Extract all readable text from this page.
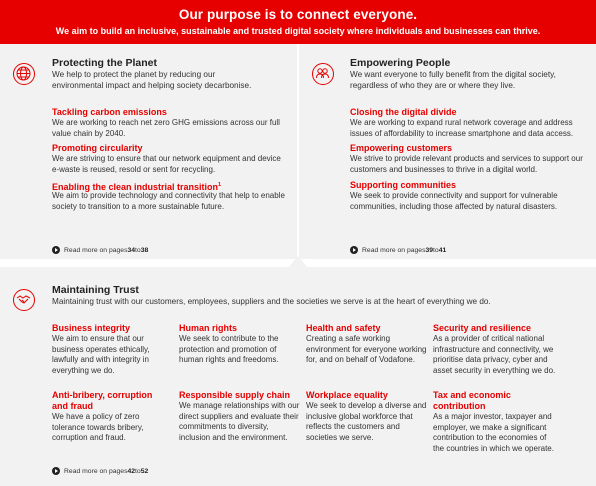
Our purpose is to connect everyone.
We aim to build an inclusive, sustainable and trusted digital society where individuals and businesses can thrive.
Protecting the Planet
We help to protect the planet by reducing our environmental impact and helping society decarbonise.
Tackling carbon emissions
We are working to reach net zero GHG emissions across our full value chain by 2040.
Promoting circularity
We are striving to ensure that our network equipment and device e-waste is reused, resold or sent for recycling.
Enabling the clean industrial transition$^1$
We aim to provide technology and connectivity that help to enable society to transition to a more sustainable future.
Read more on pages 34 to 38
Empowering People
We want everyone to fully benefit from the digital society, regardless of who they are or where they live.
Closing the digital divide
We are working to expand rural network coverage and address issues of affordability to increase smartphone and data access.
Empowering customers
We strive to provide relevant products and services to support our customers and businesses to thrive in a digital world.
Supporting communities
We seek to provide connectivity and support for vulnerable communities, including those affected by natural disasters.
Read more on pages 39 to 41
Maintaining Trust
Maintaining trust with our customers, employees, suppliers and the societies we serve is at the heart of everything we do.
Business integrity
We aim to ensure that our business operates ethically, lawfully and with integrity in everything we do.
Human rights
We seek to contribute to the protection and promotion of human rights and freedoms.
Health and safety
Creating a safe working environment for everyone working for, and on behalf of Vodafone.
Security and resilience
As a provider of critical national infrastructure and connectivity, we prioritise data privacy, cyber and asset security in everything we do.
Anti-bribery, corruption and fraud
We have a policy of zero tolerance towards bribery, corruption and fraud.
Responsible supply chain
We manage relationships with our direct suppliers and evaluate their commitments to diversity, inclusion and the environment.
Workplace equality
We seek to develop a diverse and inclusive global workforce that reflects the customers and societies we serve.
Tax and economic contribution
As a major investor, taxpayer and employer, we make a significant contribution to the economies of the countries in which we operate.
Read more on pages 42 to 52
